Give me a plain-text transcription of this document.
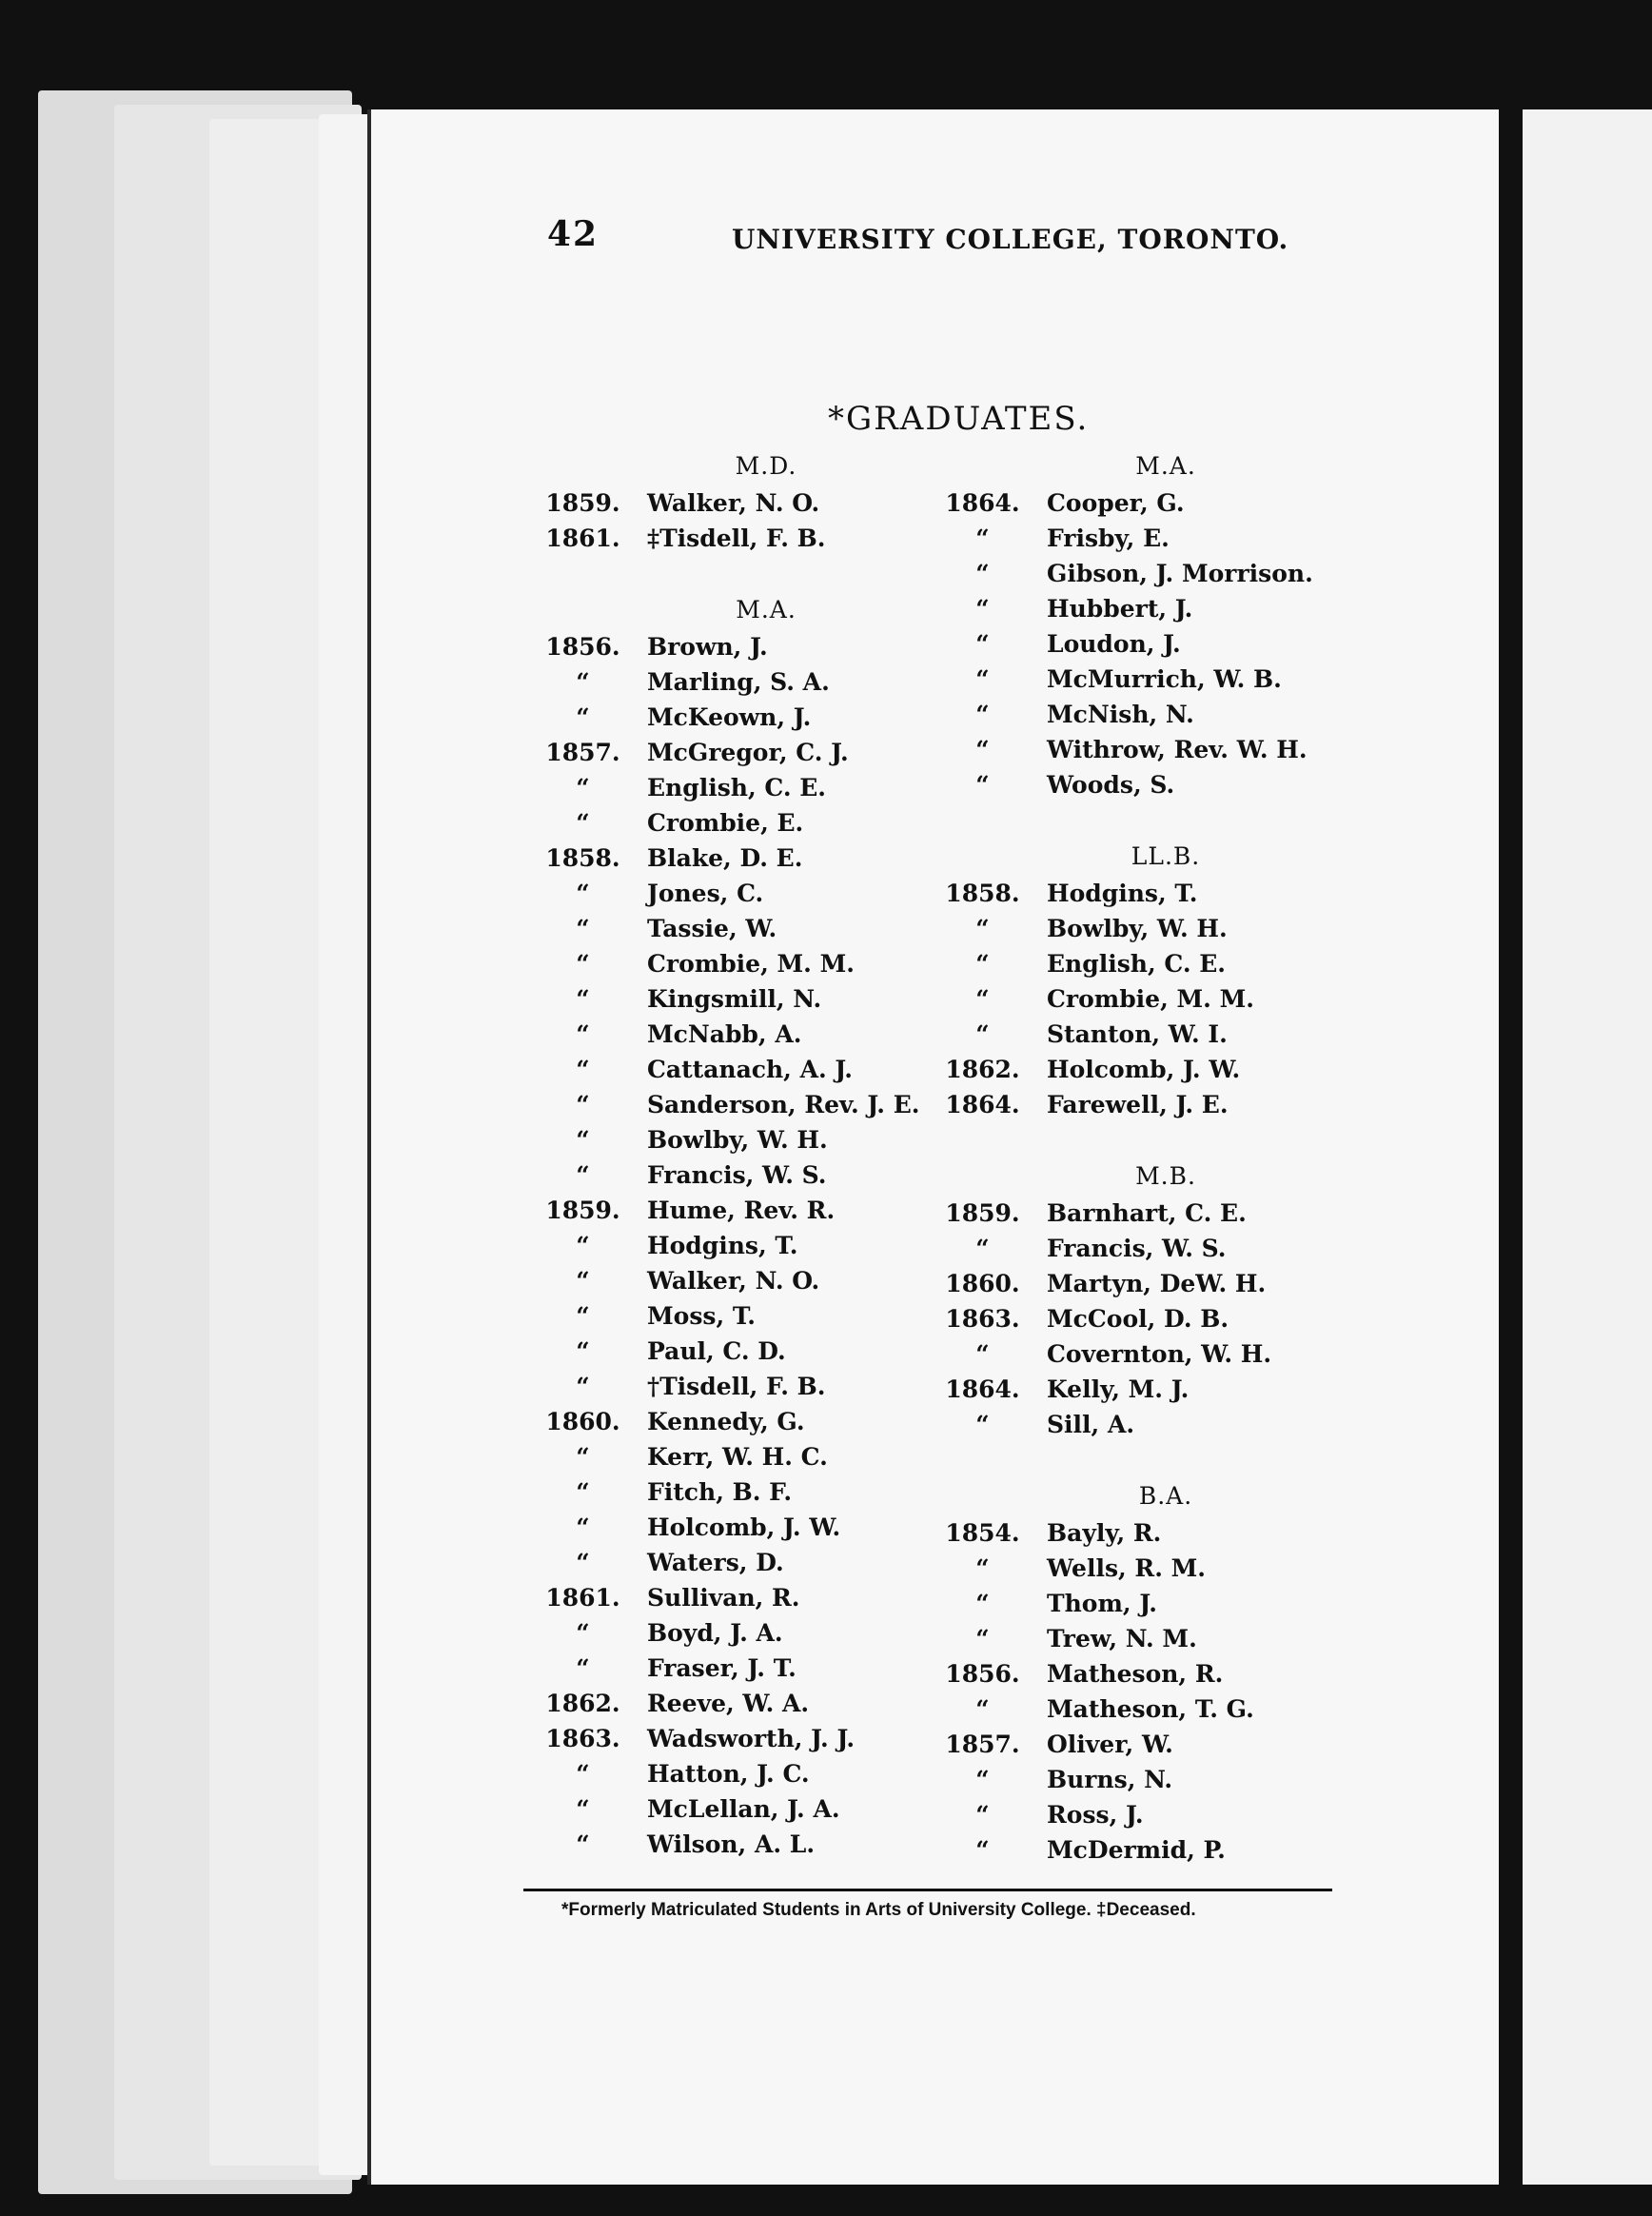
42	UNIVERSITY COLLEGE, TORONTO.
*GRADUATES.
M.D.
1859.	Walker, N. O.
1861.	‡Tisdell, F. B.
M.A.
1856.	Brown, J.
“	Marling, S. A.
“	McKeown, J.
1857.	McGregor, C. J.
“	English, C. E.
“	Crombie, E.
1858.	Blake, D. E.
“	Jones, C.
“	Tassie, W.
“	Crombie, M. M.
“	Kingsmill, N.
“	McNabb, A.
“	Cattanach, A. J.
“	Sanderson, Rev. J. E.
“	Bowlby, W. H.
“	Francis, W. S.
1859.	Hume, Rev. R.
“	Hodgins, T.
“	Walker, N. O.
“	Moss, T.
“	Paul, C. D.
“	†Tisdell, F. B.
1860.	Kennedy, G.
“	Kerr, W. H. C.
“	Fitch, B. F.
“	Holcomb, J. W.
“	Waters, D.
1861.	Sullivan, R.
“	Boyd, J. A.
“	Fraser, J. T.
1862.	Reeve, W. A.
1863.	Wadsworth, J. J.
“	Hatton, J. C.
“	McLellan, J. A.
“	Wilson, A. L.
M.A.
1864.	Cooper, G.
“	Frisby, E.
“	Gibson, J. Morrison.
“	Hubbert, J.
“	Loudon, J.
“	McMurrich, W. B.
“	McNish, N.
“	Withrow, Rev. W. H.
“	Woods, S.
LL.B.
1858.	Hodgins, T.
“	Bowlby, W. H.
“	English, C. E.
“	Crombie, M. M.
“	Stanton, W. I.
1862.	Holcomb, J. W.
1864.	Farewell, J. E.
M.B.
1859.	Barnhart, C. E.
“	Francis, W. S.
1860.	Martyn, DeW. H.
1863.	McCool, D. B.
“	Covernton, W. H.
1864.	Kelly, M. J.
“	Sill, A.
B.A.
1854.	Bayly, R.
“	Wells, R. M.
“	Thom, J.
“	Trew, N. M.
1856.	Matheson, R.
“	Matheson, T. G.
1857.	Oliver, W.
“	Burns, N.
“	Ross, J.
“	McDermid, P.
*Formerly Matriculated Students in Arts of University College. ‡Deceased.
